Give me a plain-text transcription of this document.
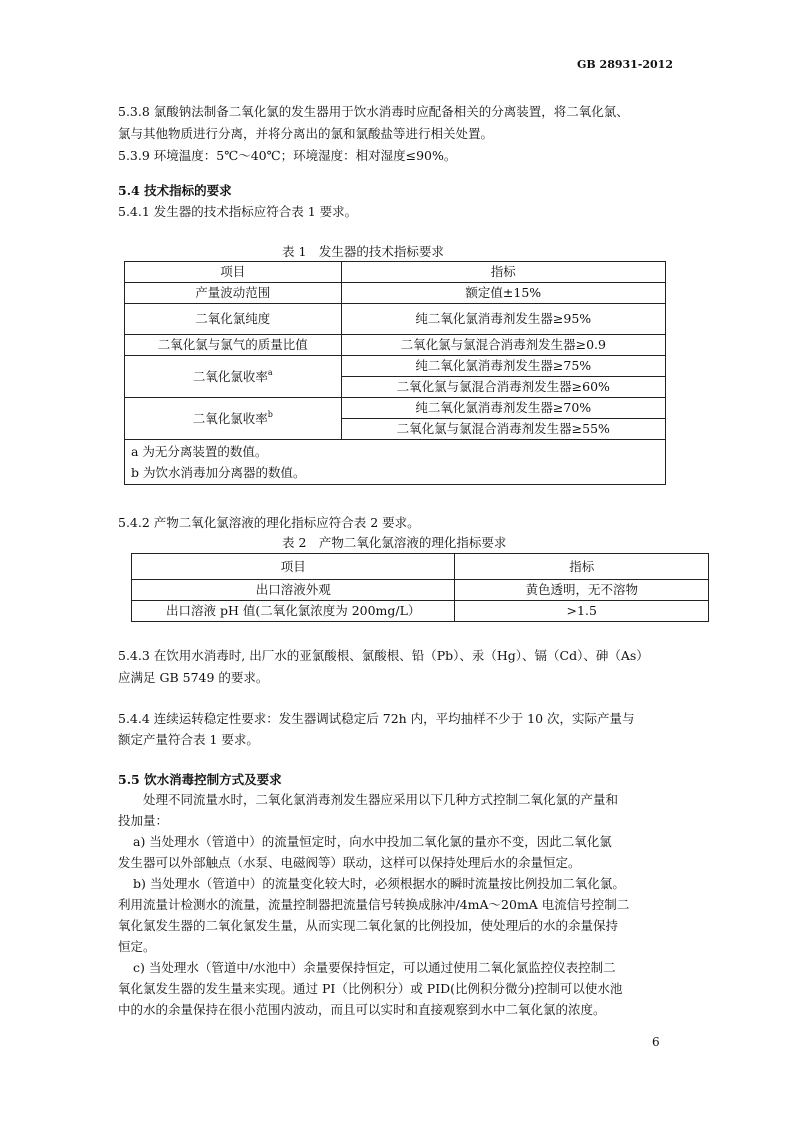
GB 28931-2012
5.3.8 氯酸钠法制备二氧化氯的发生器用于饮水消毒时应配备相关的分离装置，将二氧化氯、
氯与其他物质进行分离，并将分离出的氯和氯酸盐等进行相关处置。
5.3.9 环境温度：5℃～40℃；环境湿度：相对湿度≤90%。
5.4 技术指标的要求
5.4.1 发生器的技术指标应符合表 1 要求。
表 1　发生器的技术指标要求
项目	指标
产量波动范围	额定值±15%
二氧化氯纯度	纯二氧化氯消毒剂发生器≥95%
二氧化氯与氯气的质量比值	二氧化氯与氯混合消毒剂发生器≥0.9
二氧化氯收率$^a$	纯二氧化氯消毒剂发生器≥75%
	二氧化氯与氯混合消毒剂发生器≥60%
二氧化氯收率$^b$	纯二氧化氯消毒剂发生器≥70%
	二氧化氯与氯混合消毒剂发生器≥55%

a 为无分离装置的数值。
b 为饮水消毒加分离器的数值。	
5.4.2 产物二氧化氯溶液的理化指标应符合表 2 要求。
表 2　产物二氧化氯溶液的理化指标要求
项目	指标
出口溶液外观	黄色透明，无不溶物
出口溶液 pH 值(二氧化氯浓度为 200mg/L）	>1.5
5.4.3 在饮用水消毒时, 出厂水的亚氯酸根、氯酸根、铅（Pb）、汞（Hg）、镉（Cd）、砷（As）
应满足 GB 5749 的要求。
5.4.4 连续运转稳定性要求：发生器调试稳定后 72h 内，平均抽样不少于 10 次，实际产量与
额定产量符合表 1 要求。
5.5 饮水消毒控制方式及要求
处理不同流量水时，二氧化氯消毒剂发生器应采用以下几种方式控制二氧化氯的产量和
投加量：
a) 当处理水（管道中）的流量恒定时，向水中投加二氧化氯的量亦不变，因此二氧化氯
发生器可以外部触点（水泵、电磁阀等）联动，这样可以保持处理后水的余量恒定。
b) 当处理水（管道中）的流量变化较大时，必须根据水的瞬时流量按比例投加二氧化氯。
利用流量计检测水的流量，流量控制器把流量信号转换成脉冲/4mA～20mA 电流信号控制二
氧化氯发生器的二氧化氯发生量，从而实现二氧化氯的比例投加，使处理后的水的余量保持
恒定。
c) 当处理水（管道中/水池中）余量要保持恒定，可以通过使用二氧化氯监控仪表控制二
氧化氯发生器的发生量来实现。通过 PI（比例积分）或 PID(比例积分微分)控制可以使水池
中的水的余量保持在很小范围内波动，而且可以实时和直接观察到水中二氧化氯的浓度。
6
